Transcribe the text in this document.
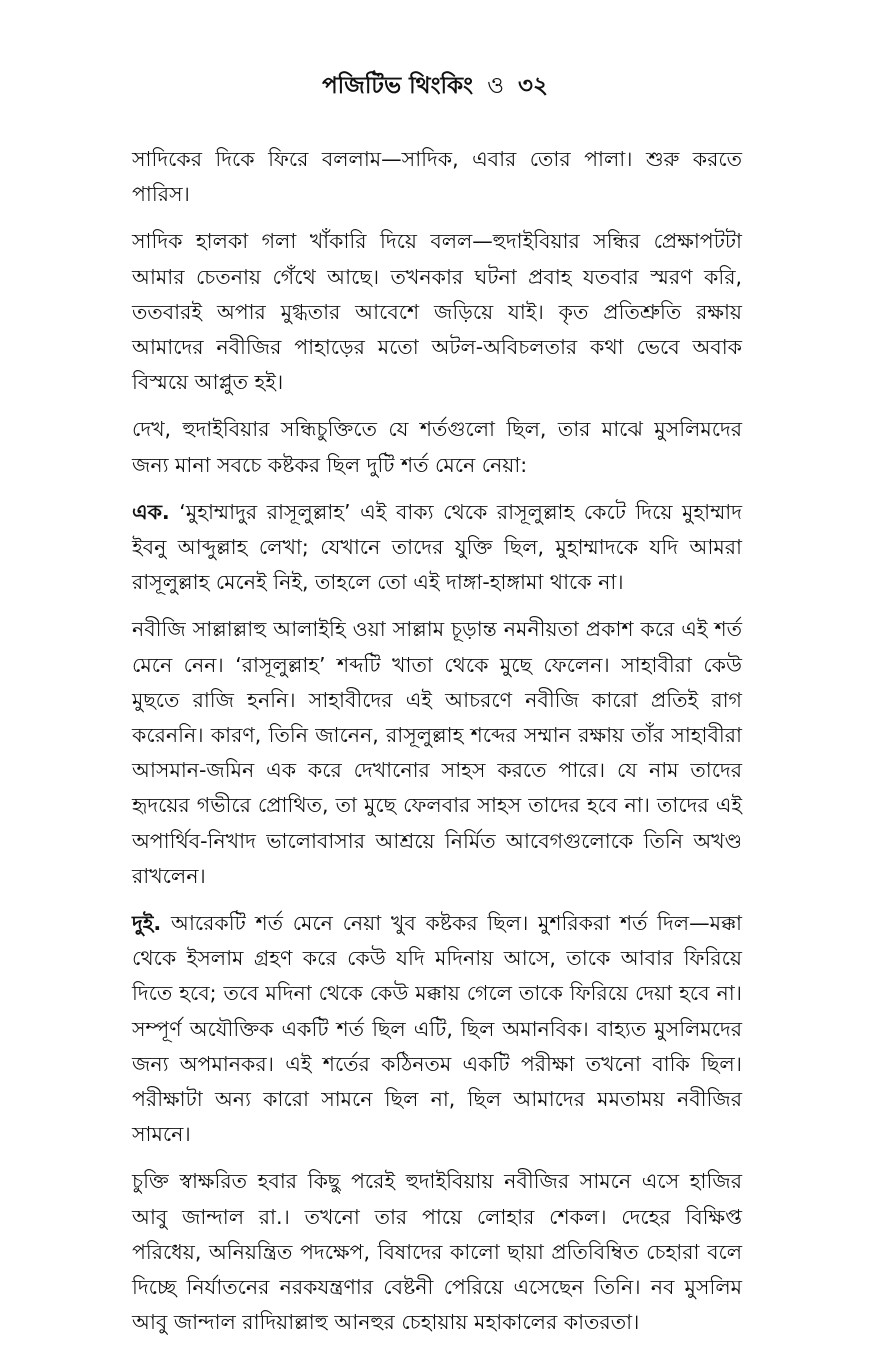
পজিটিভ থিংকিং ও ৩২

সাদিকের দিকে ফিরে বললাম—সাদিক, এবার তোর পালা। শুরু করতে পারিস।

সাদিক হালকা গলা খাঁকারি দিয়ে বলল—হুদাইবিয়ার সন্ধির প্রেক্ষাপটটা আমার চেতনায় গেঁথে আছে। তখনকার ঘটনা প্রবাহ যতবার স্মরণ করি, ততবারই অপার মুগ্ধতার আবেশে জড়িয়ে যাই। কৃত প্রতিশ্রুতি রক্ষায় আমাদের নবীজির পাহাড়ের মতো অটল-অবিচলতার কথা ভেবে অবাক বিস্ময়ে আপ্লুত হই।

দেখ, হুদাইবিয়ার সন্ধিচুক্তিতে যে শর্তগুলো ছিল, তার মাঝে মুসলিমদের জন্য মানা সবচে কষ্টকর ছিল দুটি শর্ত মেনে নেয়া:

এক. ‘মুহাম্মাদুর রাসূলুল্লাহ’ এই বাক্য থেকে রাসূলুল্লাহ কেটে দিয়ে মুহাম্মাদ ইবনু আব্দুল্লাহ লেখা; যেখানে তাদের যুক্তি ছিল, মুহাম্মাদকে যদি আমরা রাসূলুল্লাহ মেনেই নিই, তাহলে তো এই দাঙ্গা-হাঙ্গামা থাকে না।

নবীজি সাল্লাল্লাহু আলাইহি ওয়া সাল্লাম চূড়ান্ত নমনীয়তা প্রকাশ করে এই শর্ত মেনে নেন। ‘রাসূলুল্লাহ’ শব্দটি খাতা থেকে মুছে ফেলেন। সাহাবীরা কেউ মুছতে রাজি হননি। সাহাবীদের এই আচরণে নবীজি কারো প্রতিই রাগ করেননি। কারণ, তিনি জানেন, রাসূলুল্লাহ শব্দের সম্মান রক্ষায় তাঁর সাহাবীরা আসমান-জমিন এক করে দেখানোর সাহস করতে পারে। যে নাম তাদের হৃদয়ের গভীরে প্রোথিত, তা মুছে ফেলবার সাহস তাদের হবে না। তাদের এই অপার্থিব-নিখাদ ভালোবাসার আশ্রয়ে নির্মিত আবেগগুলোকে তিনি অখণ্ড রাখলেন।

দুই. আরেকটি শর্ত মেনে নেয়া খুব কষ্টকর ছিল। মুশরিকরা শর্ত দিল—মক্কা থেকে ইসলাম গ্রহণ করে কেউ যদি মদিনায় আসে, তাকে আবার ফিরিয়ে দিতে হবে; তবে মদিনা থেকে কেউ মক্কায় গেলে তাকে ফিরিয়ে দেয়া হবে না। সম্পূর্ণ অযৌক্তিক একটি শর্ত ছিল এটি, ছিল অমানবিক। বাহ্যত মুসলিমদের জন্য অপমানকর। এই শর্তের কঠিনতম একটি পরীক্ষা তখনো বাকি ছিল। পরীক্ষাটা অন্য কারো সামনে ছিল না, ছিল আমাদের মমতাময় নবীজির সামনে।

চুক্তি স্বাক্ষরিত হবার কিছু পরেই হুদাইবিয়ায় নবীজির সামনে এসে হাজির আবু জান্দাল রা.। তখনো তার পায়ে লোহার শেকল। দেহের বিক্ষিপ্ত পরিধেয়, অনিয়ন্ত্রিত পদক্ষেপ, বিষাদের কালো ছায়া প্রতিবিম্বিত চেহারা বলে দিচ্ছে নির্যাতনের নরকযন্ত্রণার বেষ্টনী পেরিয়ে এসেছেন তিনি। নব মুসলিম আবু জান্দাল রাদিয়াল্লাহু আনহুর চেহায়ায় মহাকালের কাতরতা।
